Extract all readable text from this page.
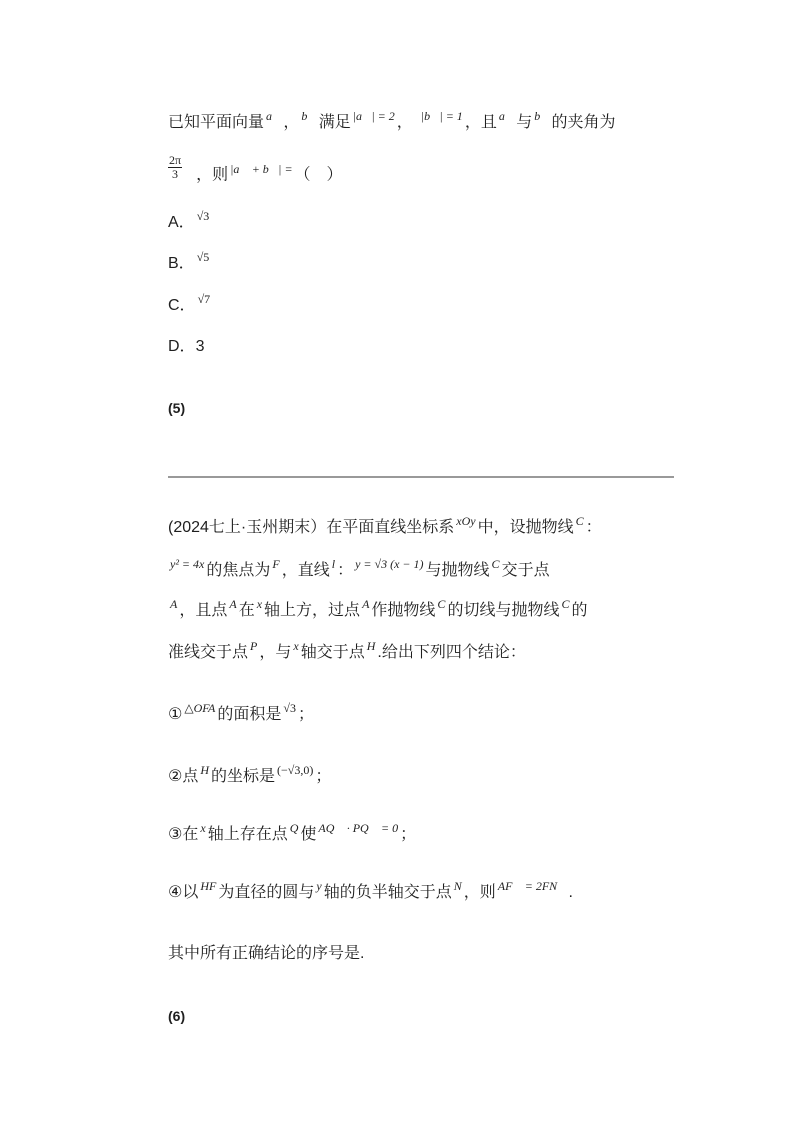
已知平面向量 $^{a⃗}$ ， $^{b⃗}$ 满足 $^{|a⃗| = 2}$ ， $^{|b⃗| = 1}$ ，且 $^{a⃗}$ 与 $^{b⃗}$ 的夹角为
$\frac{2\pi}{3}$ ，则 $^{|a⃗ + b⃗| =}$ （　）
A． $^{√3}$
B． $^{√5}$
C． $^{√7}$
D．3
(5)
(2024七上·玉州期末）在平面直线坐标系 $^{xOy}$ 中，设抛物线 $^C$ ：
$^{y^2 = 4x}$ 的焦点为 $^F$ ，直线 $^l$ ： $^{y = √3 (x - 1)}$ 与抛物线 $^C$ 交于点
$^A$ ，且点 $^A$ 在 $^x$ 轴上方，过点 $^A$ 作抛物线 $^C$ 的切线与抛物线 $^C$ 的
准线交于点 $^P$ ，与 $^x$ 轴交于点 $^H$ .给出下列四个结论：
① $^{\triangle OFA}$ 的面积是 $^{√3}$ ；
②点 $^H$ 的坐标是 $^{(-√3,0)}$ ；
③在 $^x$ 轴上存在点 $^Q$ 使 $^{AQ⃗ \cdot PQ⃗ = 0}$ ；
④以 $^{HF}$ 为直径的圆与 $^y$ 轴的负半轴交于点 $^N$ ，则 $^{AF⃗ = 2FN⃗}$ .
其中所有正确结论的序号是.
(6)
